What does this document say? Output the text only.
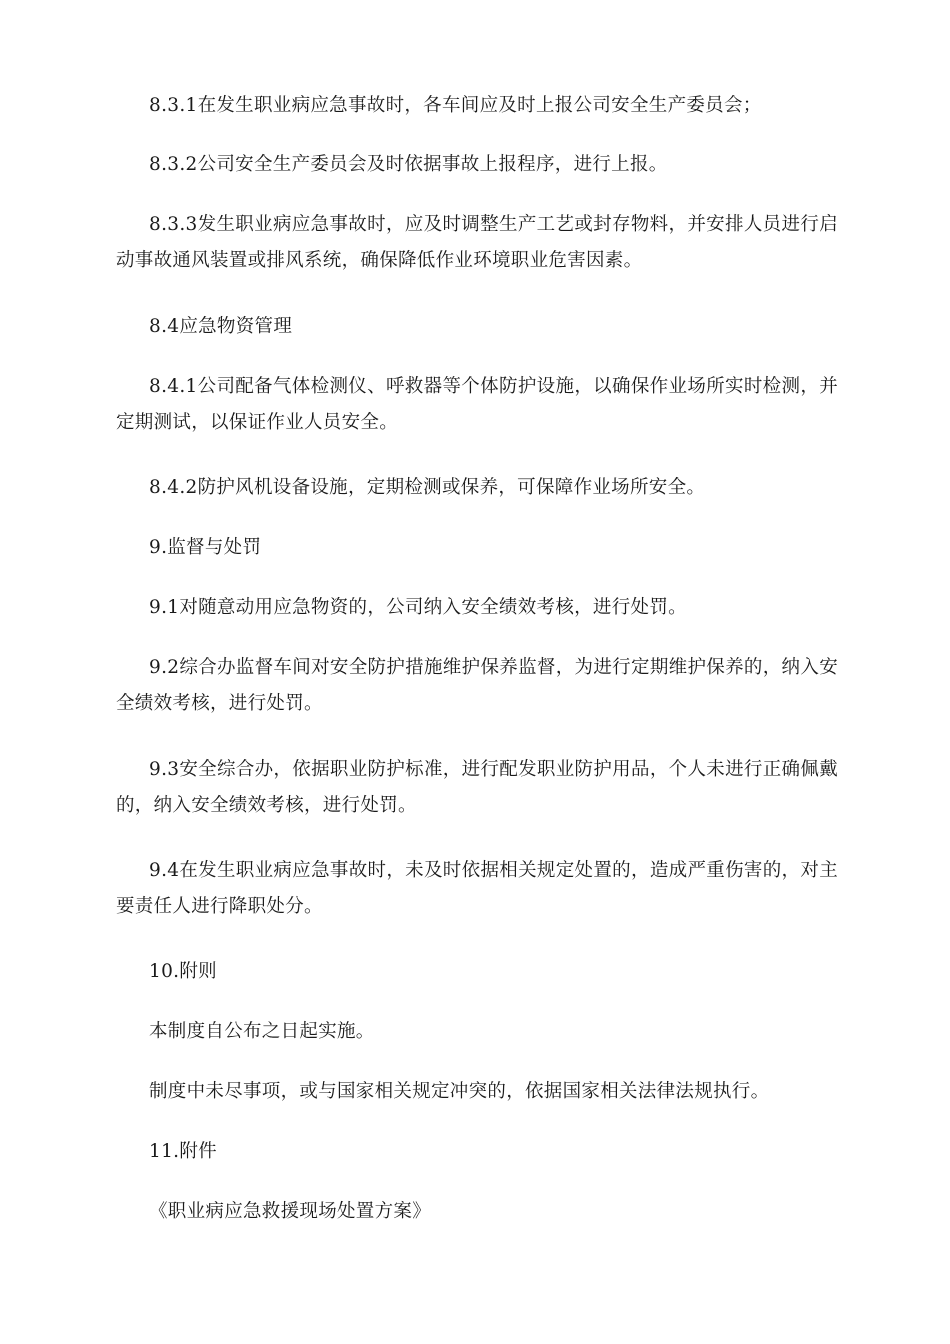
8.3.1在发生职业病应急事故时，各车间应及时上报公司安全生产委员会；

8.3.2公司安全生产委员会及时依据事故上报程序，进行上报。

8.3.3发生职业病应急事故时，应及时调整生产工艺或封存物料，并安排人员进行启动事故通风装置或排风系统，确保降低作业环境职业危害因素。

8.4应急物资管理

8.4.1公司配备气体检测仪、呼救器等个体防护设施，以确保作业场所实时检测，并定期测试，以保证作业人员安全。

8.4.2防护风机设备设施，定期检测或保养，可保障作业场所安全。

9.监督与处罚

9.1对随意动用应急物资的，公司纳入安全绩效考核，进行处罚。

9.2综合办监督车间对安全防护措施维护保养监督，为进行定期维护保养的，纳入安全绩效考核，进行处罚。

9.3安全综合办，依据职业防护标准，进行配发职业防护用品，个人未进行正确佩戴的，纳入安全绩效考核，进行处罚。

9.4在发生职业病应急事故时，未及时依据相关规定处置的，造成严重伤害的，对主要责任人进行降职处分。

10.附则

本制度自公布之日起实施。

制度中未尽事项，或与国家相关规定冲突的，依据国家相关法律法规执行。

11.附件

《职业病应急救援现场处置方案》
